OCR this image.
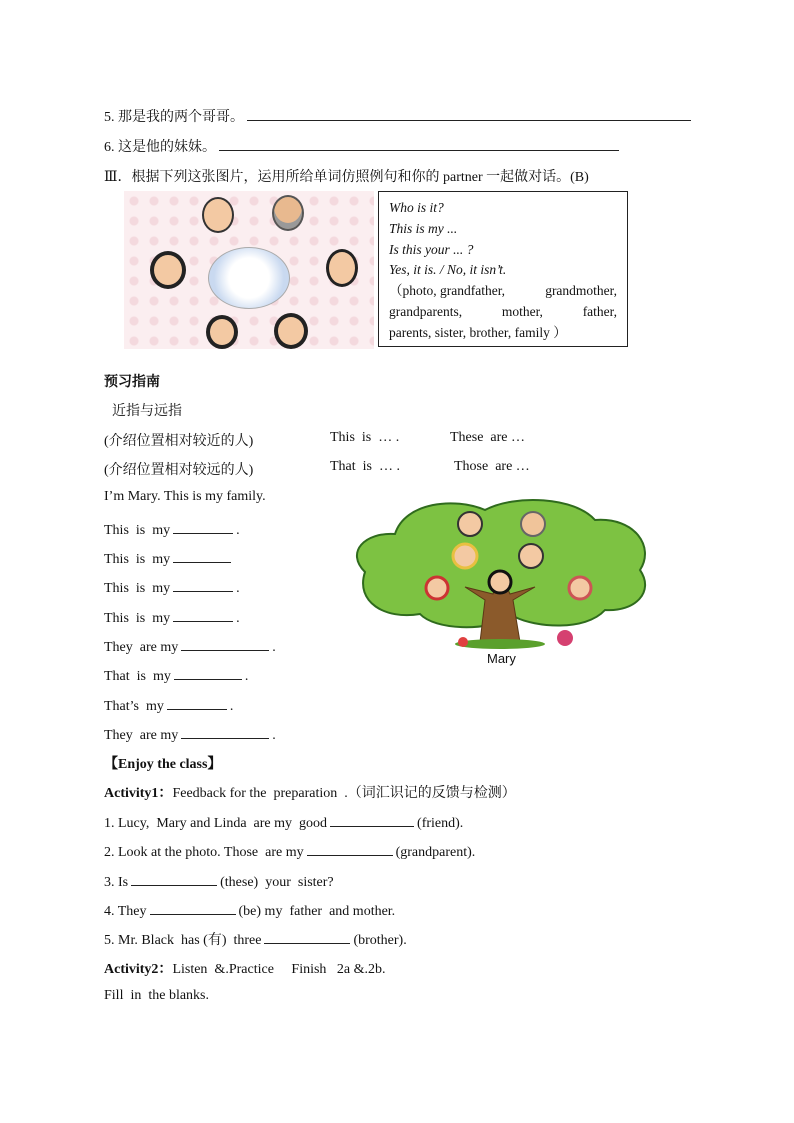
5. 那是我的两个哥哥。
6. 这是他的妹妹。
Ⅲ．根据下列这张图片，运用所给单词仿照例句和你的 partner 一起做对话。(B)
Who is it?
This is my ...
Is this your ... ?
Yes, it is. / No, it isn’t.
（photo, grandfather,	grandmother,
grandparents,	mother,	father,
parents, sister, brother, family ）
预习指南
近指与远指
(介绍位置相对较近的人)	This  is  … .	These  are …
(介绍位置相对较远的人)	That  is  … .	Those  are …
I’m Mary. This is my family.
This  is  my	.
This  is  my
This  is  my	.
This  is  my	.
They  are my	.
That  is  my	.
That’s  my	.
They  are my	.
Mary
【Enjoy the class】
Activity1：Feedback for the  preparation  .（词汇识记的反馈与检测）
1. Lucy,  Mary and Linda  are my  good	(friend).
2. Look at the photo. Those  are my	(grandparent).
3. Is	(these)  your  sister?
4. They	(be) my  father  and mother.
5. Mr. Black  has (有)  three	(brother).
Activity2：Listen  &.Practice     Finish   2a &.2b.
Fill  in  the blanks.
